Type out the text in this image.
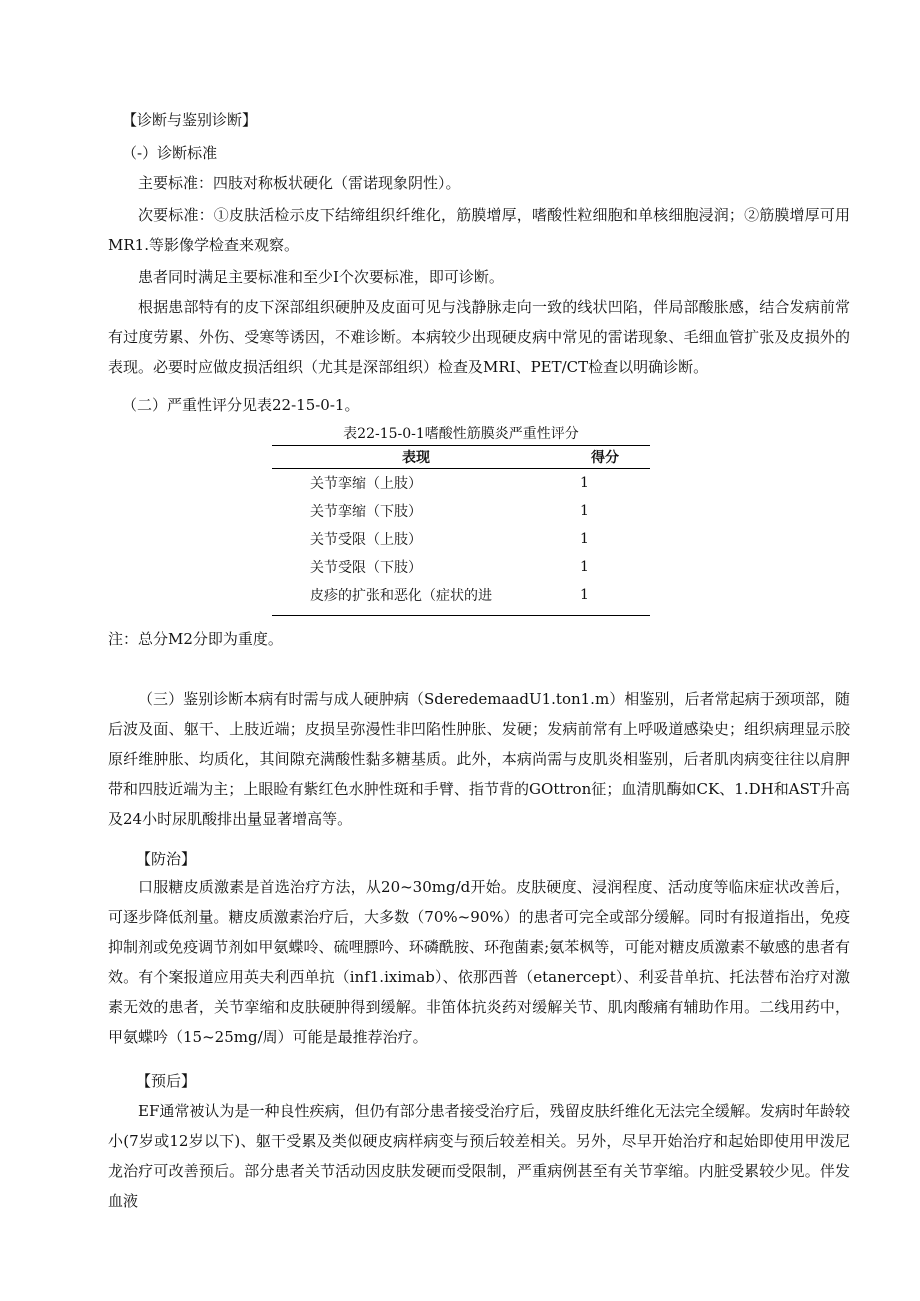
【诊断与鉴别诊断】

（-）诊断标准

主要标准：四肢对称板状硬化（雷诺现象阴性）。

次要标准：①皮肤活检示皮下结缔组织纤维化，筋膜增厚，嗜酸性粒细胞和单核细胞浸润；②筋膜增厚可用MR1.等影像学检查来观察。

患者同时满足主要标准和至少I个次要标准，即可诊断。

根据患部特有的皮下深部组织硬肿及皮面可见与浅静脉走向一致的线状凹陷，伴局部酸胀感，结合发病前常有过度劳累、外伤、受寒等诱因，不难诊断。本病较少出现硬皮病中常见的雷诺现象、毛细血管扩张及皮损外的表现。必要时应做皮损活组织（尤其是深部组织）检查及MRI、PET/CT检查以明确诊断。

（二）严重性评分见表22-15-0-1。

表22-15-0-1嗜酸性筋膜炎严重性评分
表现	得分
关节挛缩（上肢）	1
关节挛缩（下肢）	1
关节受限（上肢）	1
关节受限（下肢）	1
皮疹的扩张和恶化（症状的进	1

注：总分M2分即为重度。

（三）鉴别诊断本病有时需与成人硬肿病（SderedemaadU1.ton1.m）相鉴别，后者常起病于颈项部，随后波及面、躯干、上肢近端；皮损呈弥漫性非凹陷性肿胀、发硬；发病前常有上呼吸道感染史；组织病理显示胶原纤维肿胀、均质化，其间隙充满酸性黏多糖基质。此外，本病尚需与皮肌炎相鉴别，后者肌肉病变往往以肩胛带和四肢近端为主；上眼睑有紫红色水肿性斑和手臂、指节背的GOttron征；血清肌酶如CK、1.DH和AST升高及24小时尿肌酸排出量显著增高等。

【防治】

口服糖皮质激素是首选治疗方法，从20~30mg/d开始。皮肤硬度、浸润程度、活动度等临床症状改善后，可逐步降低剂量。糖皮质激素治疗后，大多数（70%~90%）的患者可完全或部分缓解。同时有报道指出，免疫抑制剂或免疫调节剂如甲氨蝶呤、硫哩膘吟、环磷酰胺、环孢菌素;氨苯枫等，可能对糖皮质激素不敏感的患者有效。有个案报道应用英夫利西单抗（inf1.iximab）、依那西普（etanercept）、利妥昔单抗、托法替布治疗对激素无效的患者，关节挛缩和皮肤硬肿得到缓解。非笛体抗炎药对缓解关节、肌肉酸痛有辅助作用。二线用药中，甲氨蝶吟（15~25mg/周）可能是最推荐治疗。

【预后】

EF通常被认为是一种良性疾病，但仍有部分患者接受治疗后，残留皮肤纤维化无法完全缓解。发病时年龄较小(7岁或12岁以下)、躯干受累及类似硬皮病样病变与预后较差相关。另外，尽早开始治疗和起始即使用甲泼尼龙治疗可改善预后。部分患者关节活动因皮肤发硬而受限制，严重病例甚至有关节挛缩。内脏受累较少见。伴发血液
